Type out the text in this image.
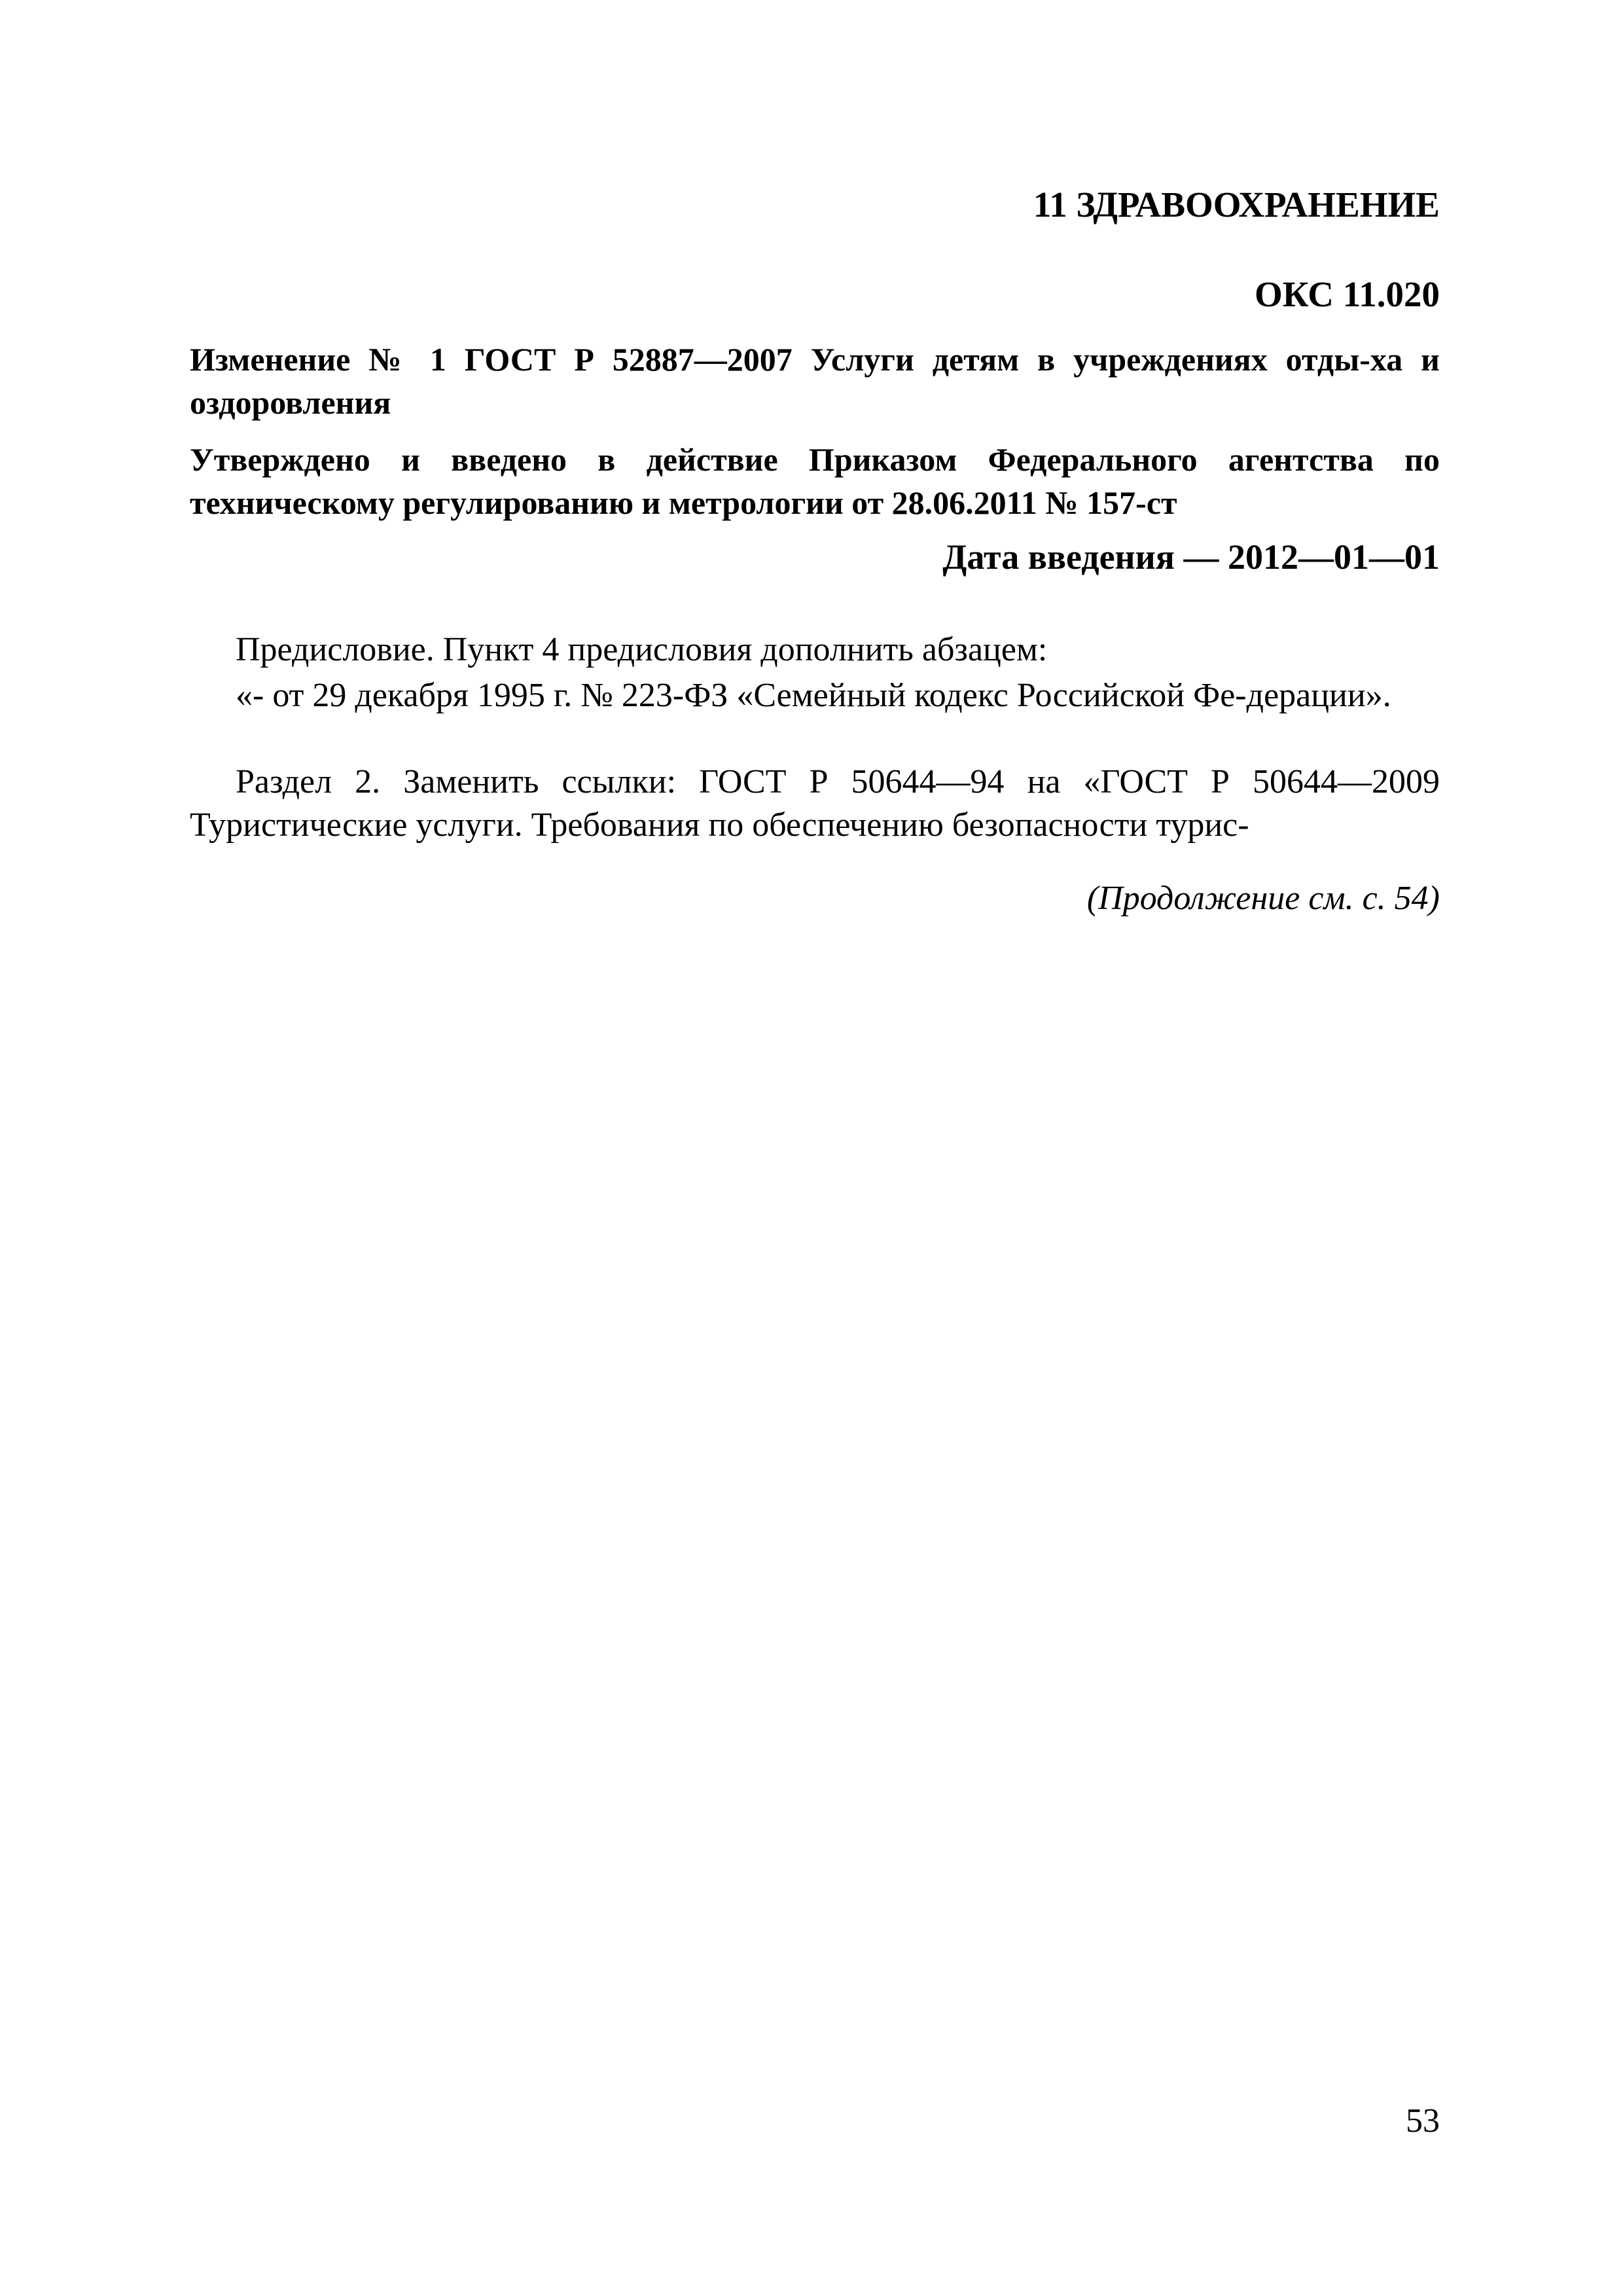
11 ЗДРАВООХРАНЕНИЕ
ОКС 11.020

Изменение № 1 ГОСТ Р 52887—2007 Услуги детям в учреждениях отды-ха и оздоровления

Утверждено и введено в действие Приказом Федерального агентства по техническому регулированию и метрологии от 28.06.2011 № 157-ст

Дата введения — 2012—01—01

Предисловие. Пункт 4 предисловия дополнить абзацем:

«- от 29 декабря 1995 г. № 223-ФЗ «Семейный кодекс Российской Фе-дерации».

Раздел 2. Заменить ссылки: ГОСТ Р 50644—94 на «ГОСТ Р 50644—2009 Туристические услуги. Требования по обеспечению безопасности турис-

(Продолжение см. с. 54)
53
